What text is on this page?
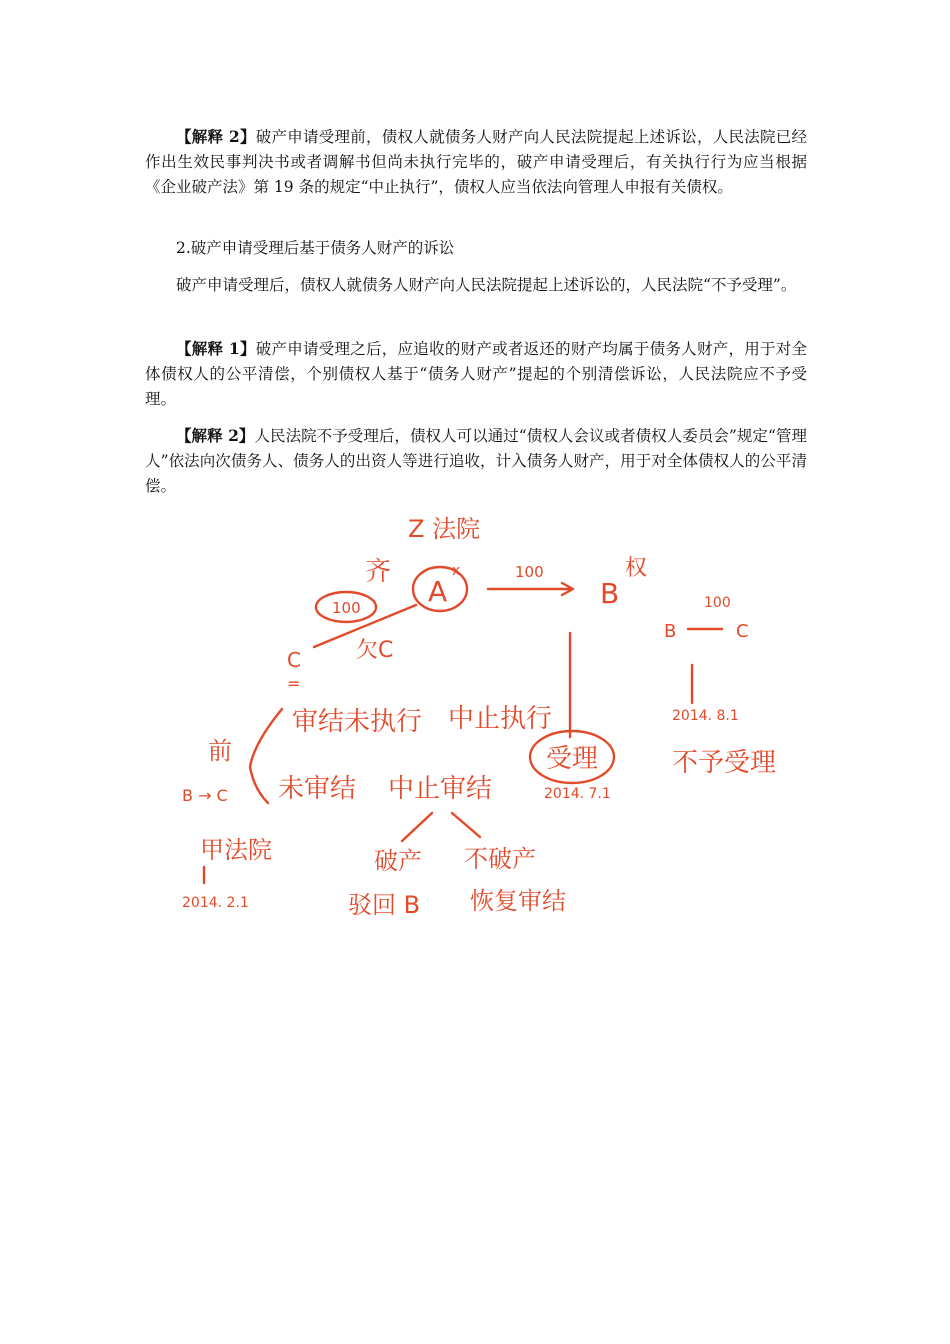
【解释 2】破产申请受理前，债权人就债务人财产向人民法院提起上述诉讼，人民法院已经作出生效民事判决书或者调解书但尚未执行完毕的，破产申请受理后，有关执行行为应当根据《企业破产法》第 19 条的规定“中止执行”，债权人应当依法向管理人申报有关债权。

2.破产申请受理后基于债务人财产的诉讼

破产申请受理后，债权人就债务人财产向人民法院提起上述诉讼的，人民法院“不予受理”。

【解释 1】破产申请受理之后，应追收的财产或者返还的财产均属于债务人财产，用于对全体债权人的公平清偿，个别债权人基于“债务人财产”提起的个别清偿诉讼，人民法院应不予受理。

【解释 2】人民法院不予受理后，债权人可以通过“债权人会议或者债权人委员会”规定“管理人”依法向次债务人、债务人的出资人等进行追收，计入债务人财产，用于对全体债权人的公平清偿。

Z 法院
齐
A
x	100
B
权
100
欠C
C
=
审结未执行 中止执行
前
B → C 未审结 中止审结
受理
2014. 7.1
甲法院
2014. 2.1
破产 不破产
驳回 B 恢复审结
100
B	C
2014. 8.1
不予受理
